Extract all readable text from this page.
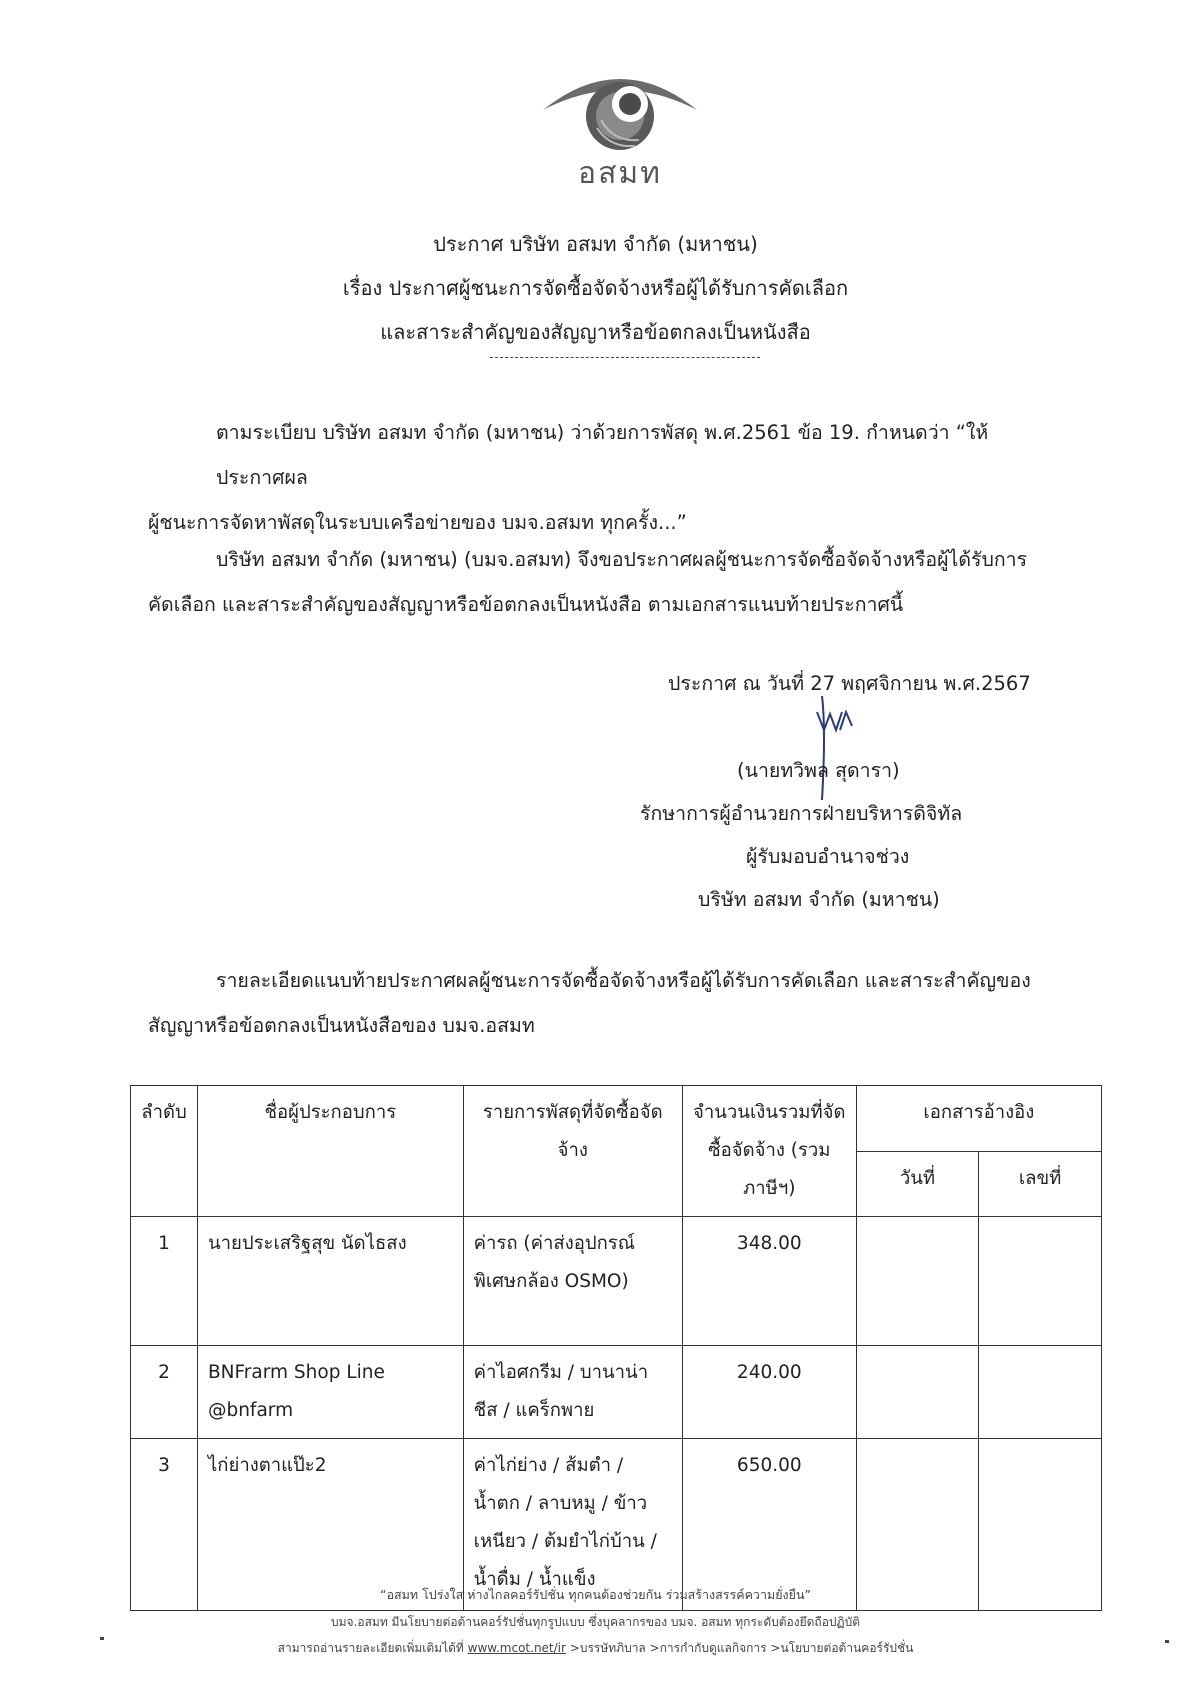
อสมท
ประกาศ บริษัท อสมท จำกัด (มหาชน)
เรื่อง ประกาศผู้ชนะการจัดซื้อจัดจ้างหรือผู้ได้รับการคัดเลือก
และสาระสำคัญของสัญญาหรือข้อตกลงเป็นหนังสือ
ตามระเบียบ บริษัท อสมท จำกัด (มหาชน) ว่าด้วยการพัสดุ พ.ศ.2561 ข้อ 19. กำหนดว่า “ให้ประกาศผล
ผู้ชนะการจัดหาพัสดุในระบบเครือข่ายของ บมจ.อสมท ทุกครั้ง...”
บริษัท อสมท จำกัด (มหาชน) (บมจ.อสมท) จึงขอประกาศผลผู้ชนะการจัดซื้อจัดจ้างหรือผู้ได้รับการ
คัดเลือก และสาระสำคัญของสัญญาหรือข้อตกลงเป็นหนังสือ ตามเอกสารแนบท้ายประกาศนี้
ประกาศ ณ วันที่ 27 พฤศจิกายน พ.ศ.2567
(นายทวิพล สุดารา)
รักษาการผู้อำนวยการฝ่ายบริหารดิจิทัล
ผู้รับมอบอำนาจช่วง
บริษัท อสมท จำกัด (มหาชน)
รายละเอียดแนบท้ายประกาศผลผู้ชนะการจัดซื้อจัดจ้างหรือผู้ได้รับการคัดเลือก และสาระสำคัญของ
สัญญาหรือข้อตกลงเป็นหนังสือของ บมจ.อสมท
ลำดับ	ชื่อผู้ประกอบการ	รายการพัสดุที่จัดซื้อจัดจ้าง	จำนวนเงินรวมที่จัดซื้อจัดจ้าง (รวมภาษีฯ)	เอกสารอ้างอิง	
				วันที่	เลขที่
1	นายประเสริฐสุข นัดไธสง	ค่ารถ (ค่าส่งอุปกรณ์พิเศษกล้อง OSMO)	348.00		
2	BNFrarm Shop Line @bnfarm	ค่าไอศกรีม / บานาน่าชีส / แคร็กพาย	240.00		
3	ไก่ย่างตาแป๊ะ2	ค่าไก่ย่าง / ส้มตำ / น้ำตก / ลาบหมู / ข้าวเหนียว / ต้มยำไก่บ้าน / น้ำดื่ม / น้ำแข็ง	650.00		
“อสมท โปร่งใส ห่างไกลคอร์รัปชั่น ทุกคนต้องช่วยกัน ร่วมสร้างสรรค์ความยั่งยืน”
บมจ.อสมท มีนโยบายต่อต้านคอร์รัปชั่นทุกรูปแบบ ซึ่งบุคลากรของ บมจ. อสมท ทุกระดับต้องยึดถือปฏิบัติ
สามารถอ่านรายละเอียดเพิ่มเติมได้ที่ www.mcot.net/ir >บรรษัทภิบาล >การกำกับดูแลกิจการ >นโยบายต่อต้านคอร์รัปชั่น
